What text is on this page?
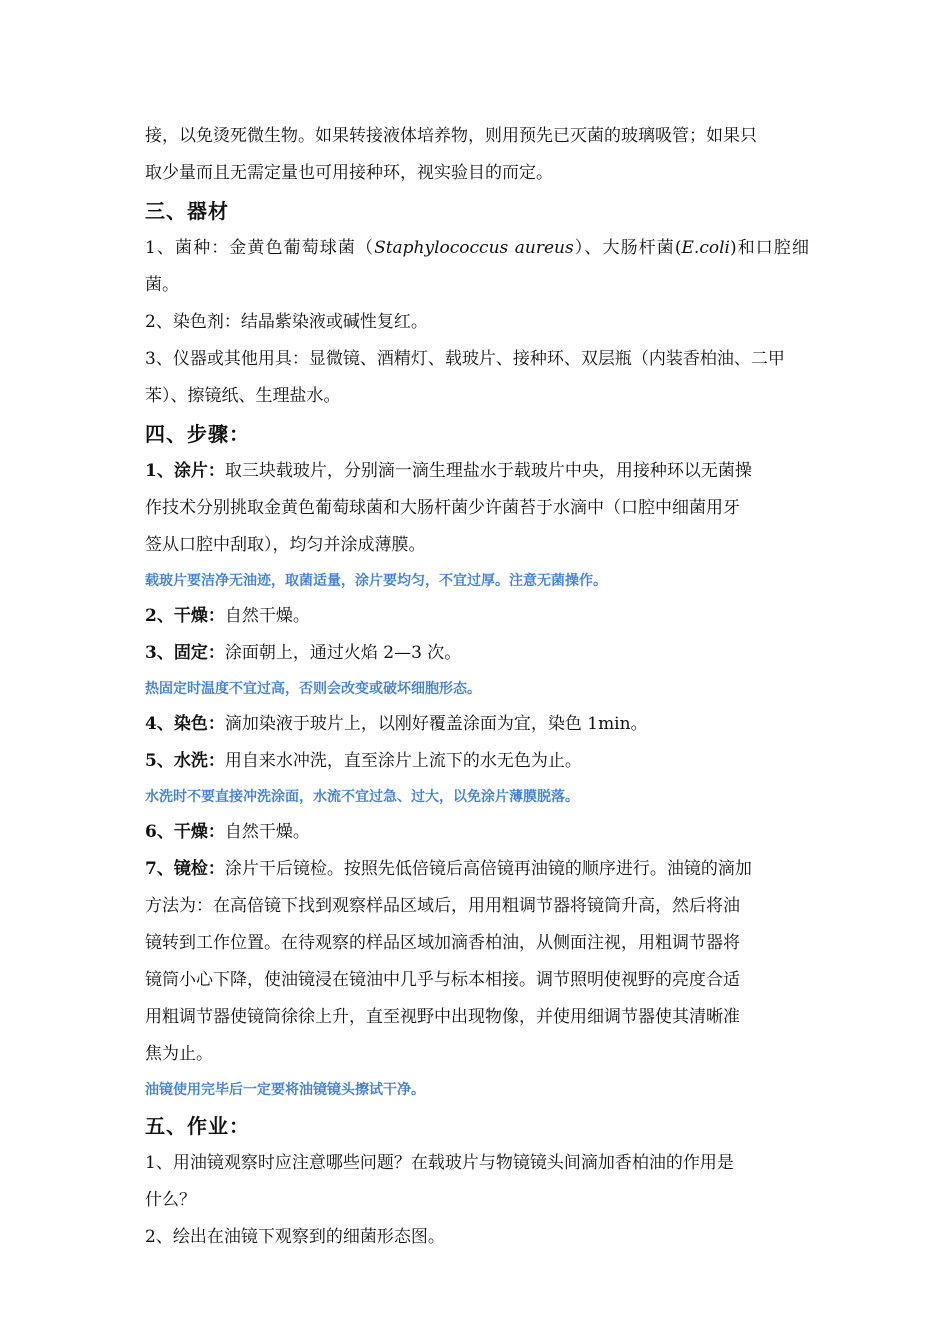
接，以免烫死微生物。如果转接液体培养物，则用预先已灭菌的玻璃吸管；如果只

取少量而且无需定量也可用接种环，视实验目的而定。

三、器材

1、菌种：金黄色葡萄球菌（Staphylococcus aureus）、大肠杆菌(E.coli)和口腔细菌。

2、染色剂：结晶紫染液或碱性复红。

3、仪器或其他用具：显微镜、酒精灯、载玻片、接种环、双层瓶（内装香柏油、二甲

苯）、擦镜纸、生理盐水。

四、步骤：

1、涂片：取三块载玻片，分别滴一滴生理盐水于载玻片中央，用接种环以无菌操

作技术分别挑取金黄色葡萄球菌和大肠杆菌少许菌苔于水滴中（口腔中细菌用牙

签从口腔中刮取），均匀并涂成薄膜。

载玻片要洁净无油迹，取菌适量，涂片要均匀，不宜过厚。注意无菌操作。

2、干燥：自然干燥。

3、固定：涂面朝上，通过火焰 2—3 次。

热固定时温度不宜过高，否则会改变或破坏细胞形态。

4、染色：滴加染液于玻片上，以刚好覆盖涂面为宜，染色 1min。

5、水洗：用自来水冲洗，直至涂片上流下的水无色为止。

水洗时不要直接冲洗涂面，水流不宜过急、过大，以免涂片薄膜脱落。

6、干燥：自然干燥。

7、镜检：涂片干后镜检。按照先低倍镜后高倍镜再油镜的顺序进行。油镜的滴加

方法为：在高倍镜下找到观察样品区域后，用用粗调节器将镜筒升高，然后将油

镜转到工作位置。在待观察的样品区域加滴香柏油，从侧面注视，用粗调节器将

镜筒小心下降，使油镜浸在镜油中几乎与标本相接。调节照明使视野的亮度合适

用粗调节器使镜筒徐徐上升，直至视野中出现物像，并使用细调节器使其清晰准

焦为止。

油镜使用完毕后一定要将油镜镜头擦试干净。

五、作业：

1、用油镜观察时应注意哪些问题？在载玻片与物镜镜头间滴加香柏油的作用是

什么？

2、绘出在油镜下观察到的细菌形态图。
